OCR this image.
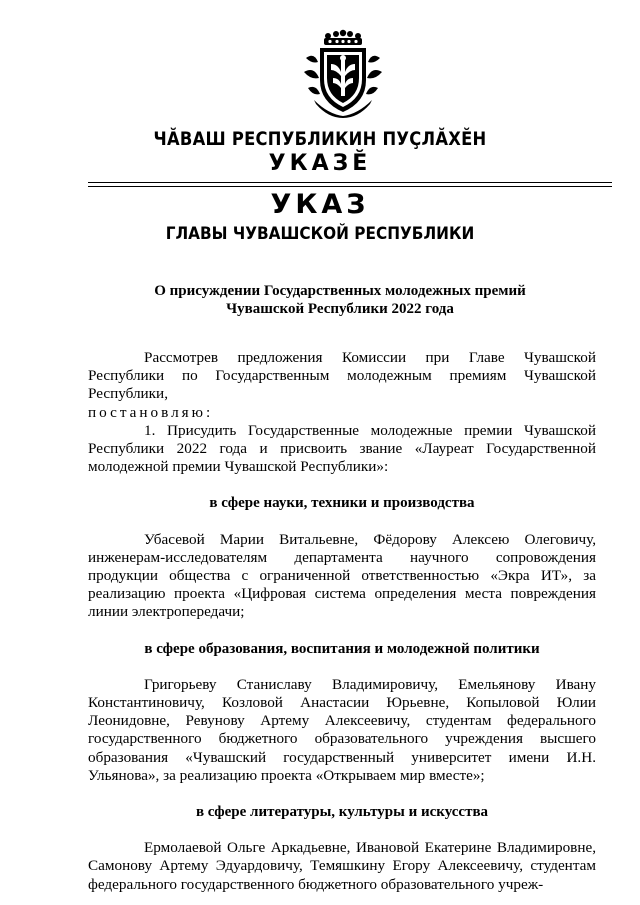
ЧĂВАШ РЕСПУБЛИКИН ПУÇЛĂХĔН
УКАЗĔ
УКАЗ
ГЛАВЫ ЧУВАШСКОЙ РЕСПУБЛИКИ
О присуждении Государственных молодежных премий
Чувашской Республики 2022 года

Рассмотрев предложения Комиссии при Главе Чувашской Республики по Государственным молодежным премиям Чувашской Республики,

постановляю:

1. Присудить Государственные молодежные премии Чувашской Республики 2022 года и присвоить звание «Лауреат Государственной молодежной премии Чувашской Республики»:

в сфере науки, техники и производства

Убасевой Марии Витальевне, Фёдорову Алексею Олеговичу, инженерам-исследователям департамента научного сопровождения продукции общества с ограниченной ответственностью «Экра ИТ», за реализацию проекта «Цифровая система определения места повреждения линии электропередачи;

в сфере образования, воспитания и молодежной политики

Григорьеву Станиславу Владимировичу, Емельянову Ивану Константиновичу, Козловой Анастасии Юрьевне, Копыловой Юлии Леонидовне, Ревунову Артему Алексеевичу, студентам федерального государственного бюджетного образовательного учреждения высшего образования «Чувашский государственный университет имени И.Н. Ульянова», за реализацию проекта «Открываем мир вместе»;

в сфере литературы, культуры и искусства

Ермолаевой Ольге Аркадьевне, Ивановой Екатерине Владимировне, Самонову Артему Эдуардовичу, Темяшкину Егору Алексеевичу, студентам федерального государственного бюджетного образовательного учреж-
